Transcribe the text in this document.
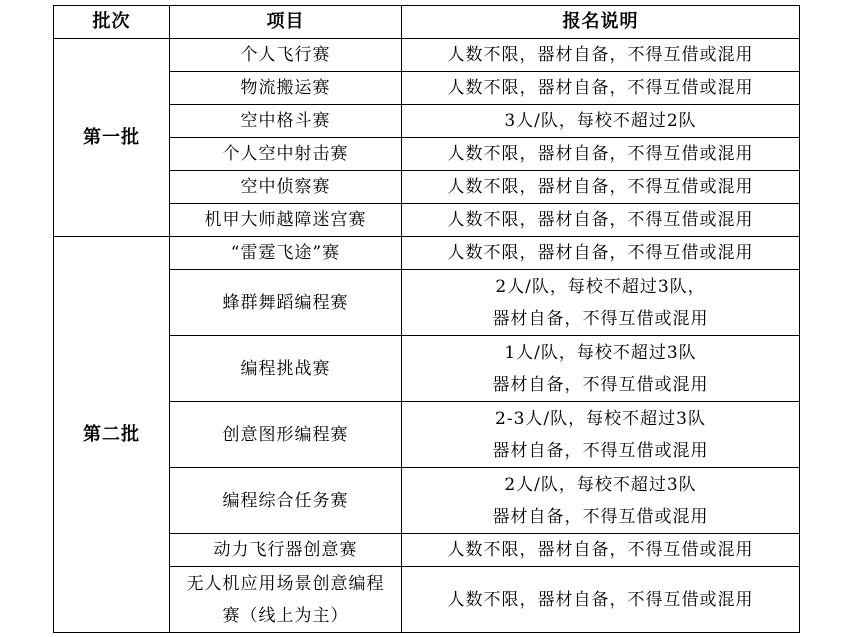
批次	项目	报名说明
第一批	个人飞行赛	人数不限，器材自备，不得互借或混用

	物流搬运赛	人数不限，器材自备，不得互借或混用

	空中格斗赛	3人/队，每校不超过2队

	个人空中射击赛	人数不限，器材自备，不得互借或混用

	空中侦察赛	人数不限，器材自备，不得互借或混用

	机甲大师越障迷宫赛	人数不限，器材自备，不得互借或混用

第二批	“雷霆飞途”赛	人数不限，器材自备，不得互借或混用

	蜂群舞蹈编程赛	2人/队，每校不超过3队，
器材自备，不得互借或混用

	编程挑战赛	1人/队，每校不超过3队
器材自备，不得互借或混用

	创意图形编程赛	2-3人/队，每校不超过3队
器材自备，不得互借或混用

	编程综合任务赛	2人/队，每校不超过3队
器材自备，不得互借或混用

	动力飞行器创意赛	人数不限，器材自备，不得互借或混用

	无人机应用场景创意编程
赛（线上为主）	人数不限，器材自备，不得互借或混用
